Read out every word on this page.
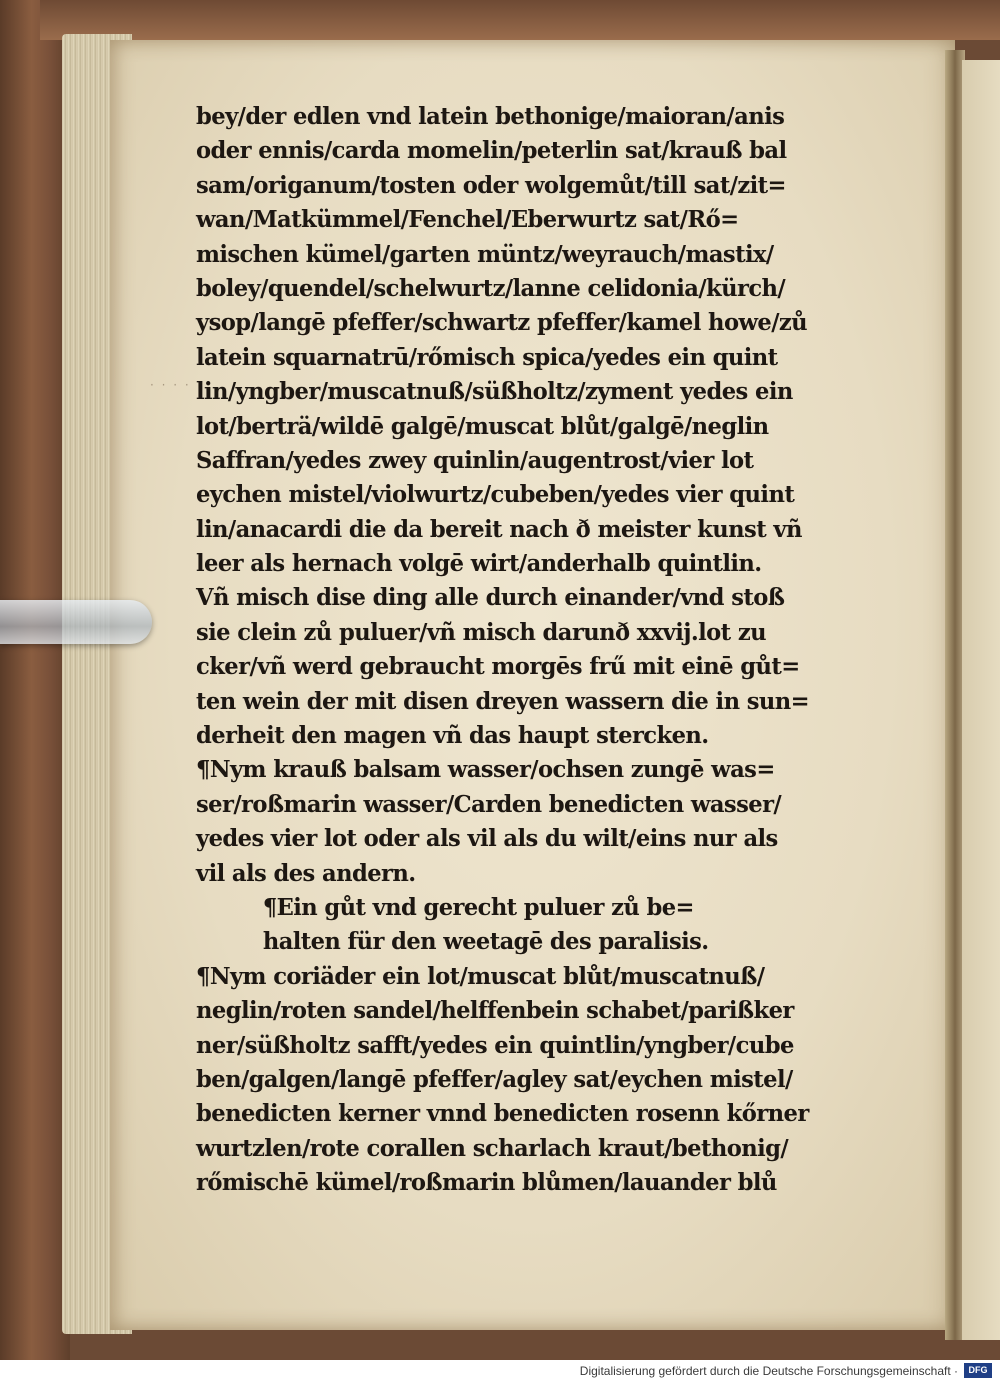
· · · ·
bey/der edlen vnd latein bethonige/maioran/anis
oder ennis/carda momelin/peterlin sat/krauß bal
sam/origanum/tosten oder wolgemůt/till sat/zit=
wan/Matkümmel/Fenchel/Eberwurtz sat/Rő=
mischen kümel/garten müntz/weyrauch/mastix/
boley/quendel/schelwurtz/lanne celidonia/kürch/
ysop/langē pfeffer/schwartz pfeffer/kamel howe/zů
latein squarnatrū/rőmisch spica/yedes ein quint
lin/yngber/muscatnuß/süßholtz/zyment yedes ein
lot/berträ/wildē galgē/muscat blůt/galgē/neglin
Saffran/yedes zwey quinlin/augentrost/vier lot
eychen mistel/violwurtz/cubeben/yedes vier quint
lin/anacardi die da bereit nach ð meister kunst vñ
leer als hernach volgē wirt/anderhalb quintlin.
Vñ misch dise ding alle durch einander/vnd stoß
sie clein zů puluer/vñ misch darunð xxvij.lot zu
cker/vñ werd gebraucht morgēs frű mit einē gůt=
ten wein der mit disen dreyen wassern die in sun=
derheit den magen vñ das haupt stercken.
¶Nym krauß balsam wasser/ochsen zungē was=
ser/roßmarin wasser/Carden benedicten wasser/
yedes vier lot oder als vil als du wilt/eins nur als
vil als des andern.
¶Ein gůt vnd gerecht puluer zů be=
halten für den weetagē des paralisis.
¶Nym coriäder ein lot/muscat blůt/muscatnuß/
neglin/roten sandel/helffenbein schabet/parißker
ner/süßholtz safft/yedes ein quintlin/yngber/cube
ben/galgen/langē pfeffer/agley sat/eychen mistel/
benedicten kerner vnnd benedicten rosenn kőrner
wurtzlen/rote corallen scharlach kraut/bethonig/
rőmischē kümel/roßmarin blůmen/lauander blů
Digitalisierung gefördert durch die Deutsche Forschungsgemeinschaft ·	DFG
